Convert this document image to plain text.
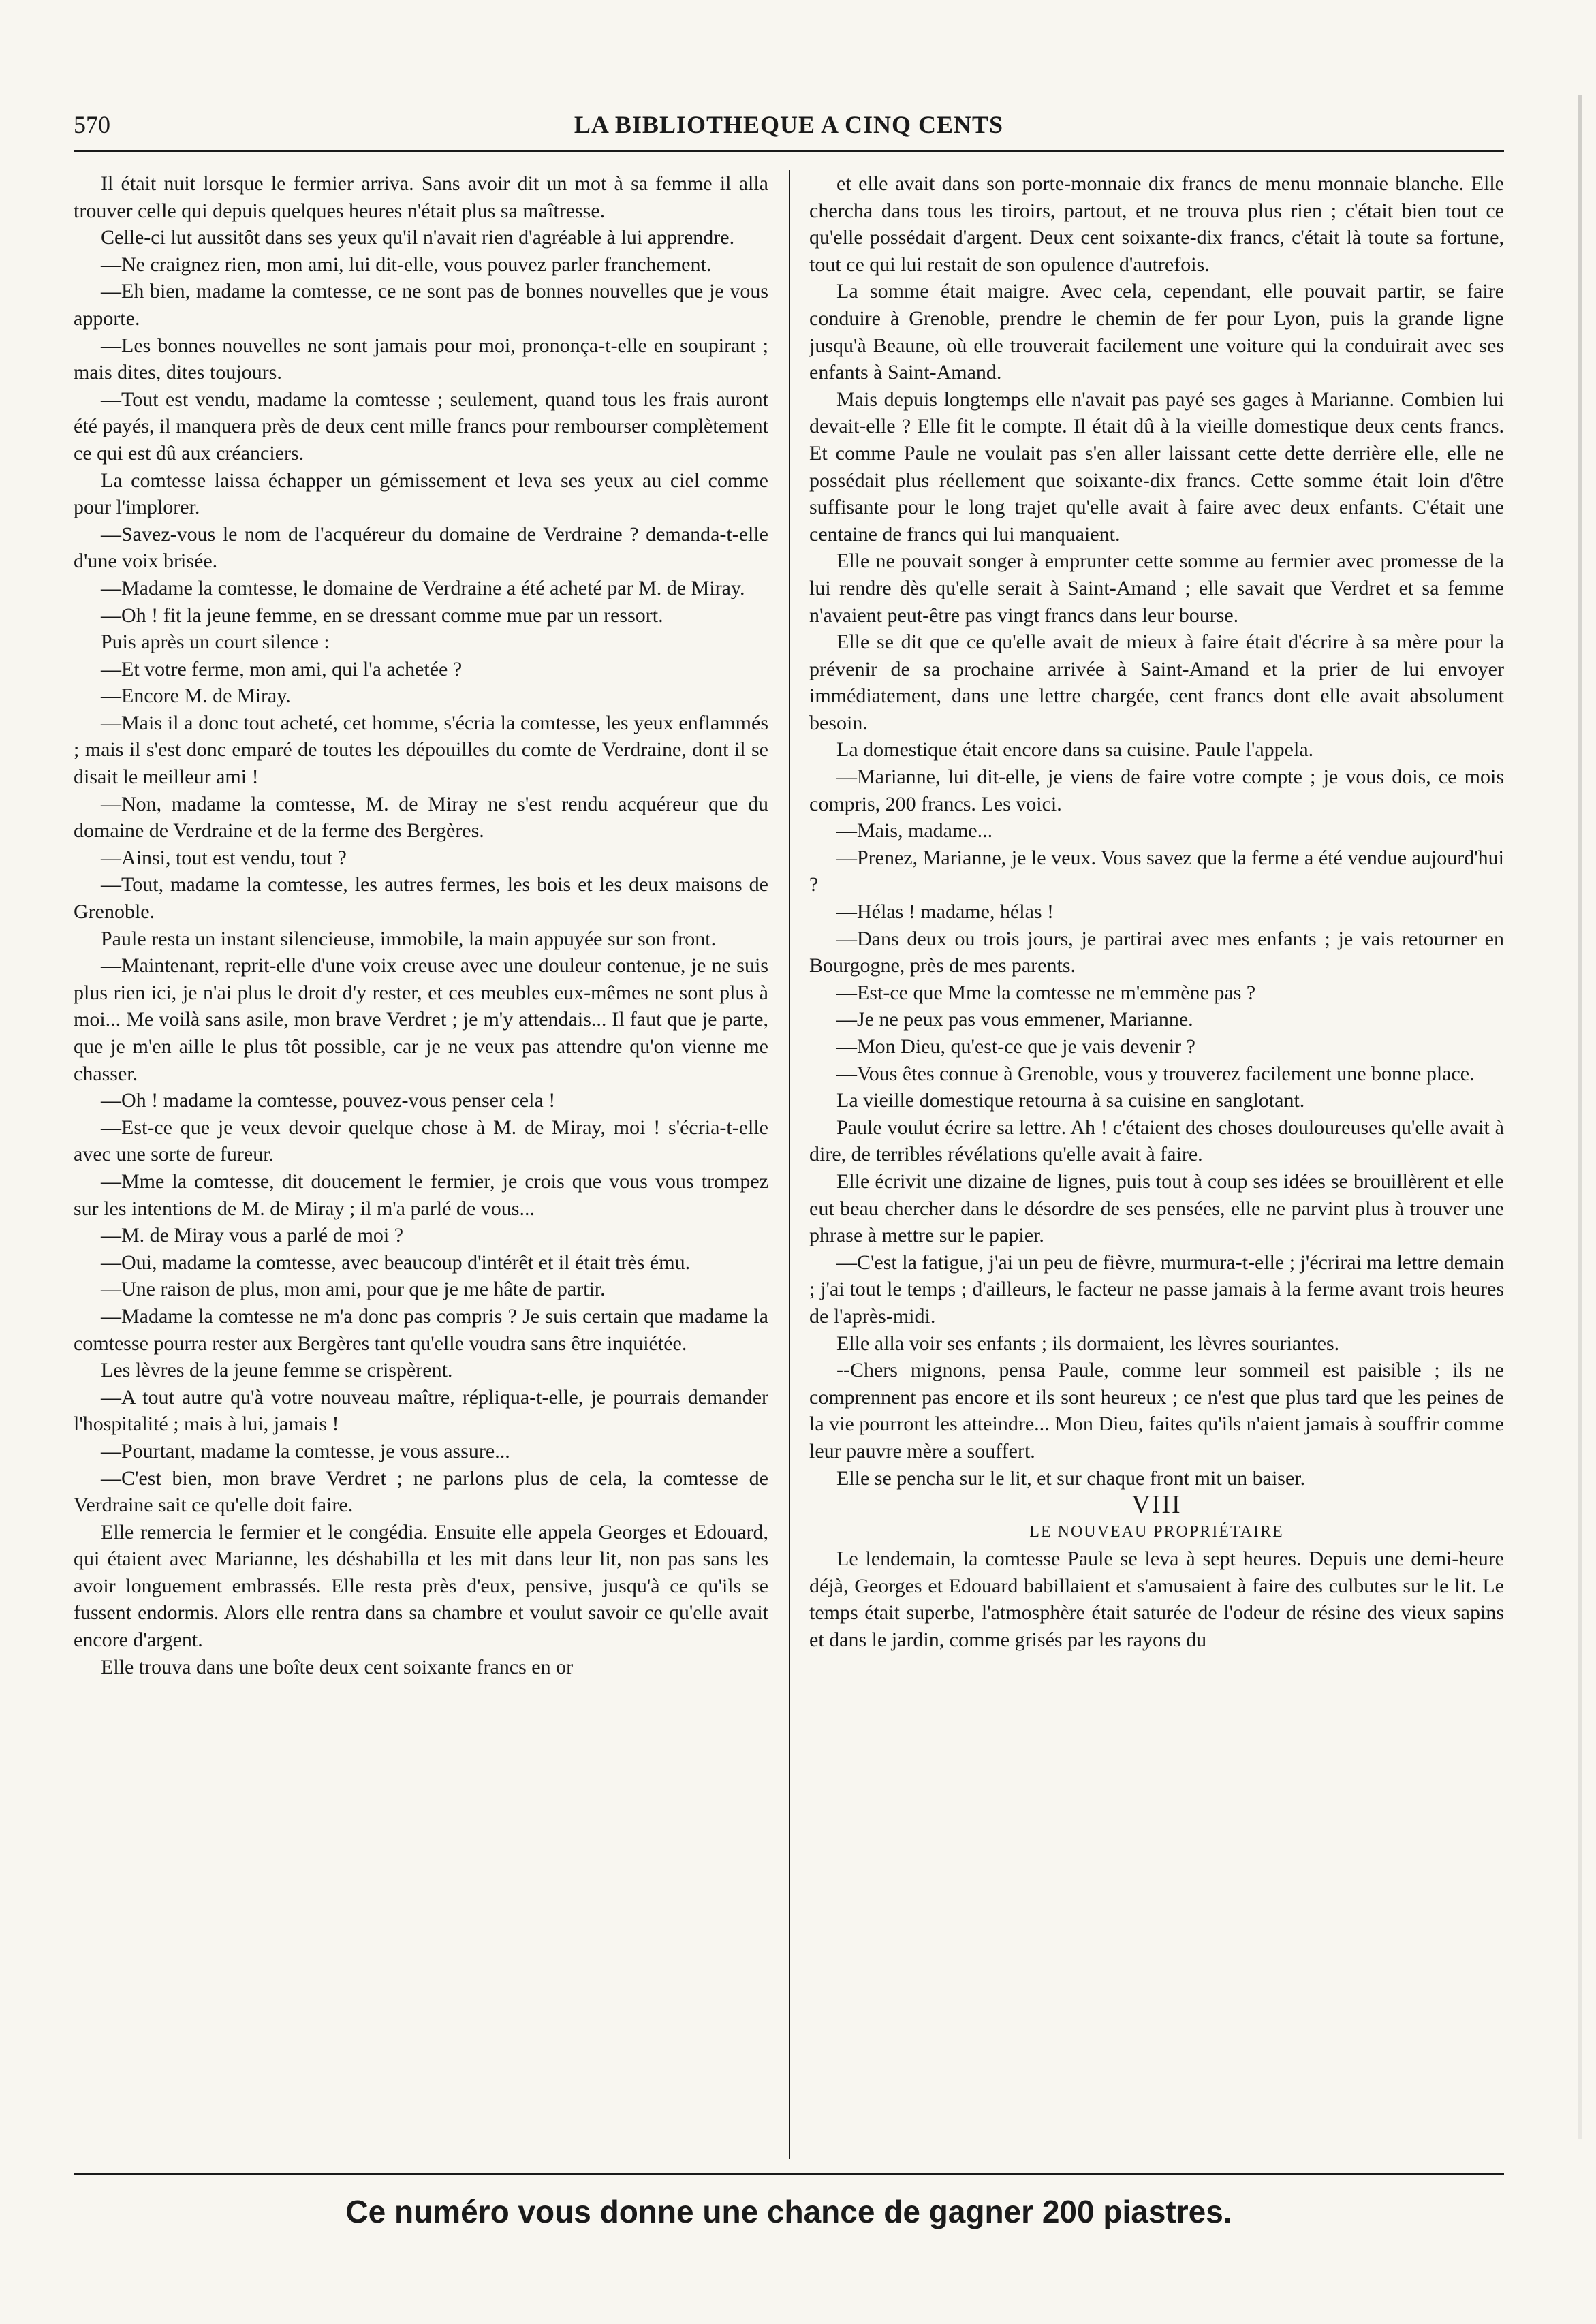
570	LA BIBLIOTHEQUE A CINQ CENTS

Il était nuit lorsque le fermier arriva. Sans avoir dit un mot à sa femme il alla trouver celle qui depuis quelques heures n'était plus sa maîtresse.

Celle-ci lut aussitôt dans ses yeux qu'il n'avait rien d'agréable à lui apprendre.

—Ne craignez rien, mon ami, lui dit-elle, vous pouvez parler franchement.

—Eh bien, madame la comtesse, ce ne sont pas de bonnes nouvelles que je vous apporte.

—Les bonnes nouvelles ne sont jamais pour moi, prononça-t-elle en soupirant ; mais dites, dites toujours.

—Tout est vendu, madame la comtesse ; seulement, quand tous les frais auront été payés, il manquera près de deux cent mille francs pour rembourser complètement ce qui est dû aux créanciers.

La comtesse laissa échapper un gémissement et leva ses yeux au ciel comme pour l'implorer.

—Savez-vous le nom de l'acquéreur du domaine de Verdraine ? demanda-t-elle d'une voix brisée.

—Madame la comtesse, le domaine de Verdraine a été acheté par M. de Miray.

—Oh ! fit la jeune femme, en se dressant comme mue par un ressort.

Puis après un court silence :

—Et votre ferme, mon ami, qui l'a achetée ?

—Encore M. de Miray.

—Mais il a donc tout acheté, cet homme, s'écria la comtesse, les yeux enflammés ; mais il s'est donc emparé de toutes les dépouilles du comte de Verdraine, dont il se disait le meilleur ami !

—Non, madame la comtesse, M. de Miray ne s'est rendu acquéreur que du domaine de Verdraine et de la ferme des Bergères.

—Ainsi, tout est vendu, tout ?

—Tout, madame la comtesse, les autres fermes, les bois et les deux maisons de Grenoble.

Paule resta un instant silencieuse, immobile, la main appuyée sur son front.

—Maintenant, reprit-elle d'une voix creuse avec une douleur contenue, je ne suis plus rien ici, je n'ai plus le droit d'y rester, et ces meubles eux-mêmes ne sont plus à moi... Me voilà sans asile, mon brave Verdret ; je m'y attendais... Il faut que je parte, que je m'en aille le plus tôt possible, car je ne veux pas attendre qu'on vienne me chasser.

—Oh ! madame la comtesse, pouvez-vous penser cela !

—Est-ce que je veux devoir quelque chose à M. de Miray, moi ! s'écria-t-elle avec une sorte de fureur.

—Mme la comtesse, dit doucement le fermier, je crois que vous vous trompez sur les intentions de M. de Miray ; il m'a parlé de vous...

—M. de Miray vous a parlé de moi ?

—Oui, madame la comtesse, avec beaucoup d'intérêt et il était très ému.

—Une raison de plus, mon ami, pour que je me hâte de partir.

—Madame la comtesse ne m'a donc pas compris ? Je suis certain que madame la comtesse pourra rester aux Bergères tant qu'elle voudra sans être inquiétée.

Les lèvres de la jeune femme se crispèrent.

—A tout autre qu'à votre nouveau maître, répliqua-t-elle, je pourrais demander l'hospitalité ; mais à lui, jamais !

—Pourtant, madame la comtesse, je vous assure...

—C'est bien, mon brave Verdret ; ne parlons plus de cela, la comtesse de Verdraine sait ce qu'elle doit faire.

Elle remercia le fermier et le congédia. Ensuite elle appela Georges et Edouard, qui étaient avec Marianne, les déshabilla et les mit dans leur lit, non pas sans les avoir longuement embrassés. Elle resta près d'eux, pensive, jusqu'à ce qu'ils se fussent endormis. Alors elle rentra dans sa chambre et voulut savoir ce qu'elle avait encore d'argent.

Elle trouva dans une boîte deux cent soixante francs en or

et elle avait dans son porte-monnaie dix francs de menu monnaie blanche. Elle chercha dans tous les tiroirs, partout, et ne trouva plus rien ; c'était bien tout ce qu'elle possédait d'argent. Deux cent soixante-dix francs, c'était là toute sa fortune, tout ce qui lui restait de son opulence d'autrefois.

La somme était maigre. Avec cela, cependant, elle pouvait partir, se faire conduire à Grenoble, prendre le chemin de fer pour Lyon, puis la grande ligne jusqu'à Beaune, où elle trouverait facilement une voiture qui la conduirait avec ses enfants à Saint-Amand.

Mais depuis longtemps elle n'avait pas payé ses gages à Marianne. Combien lui devait-elle ? Elle fit le compte. Il était dû à la vieille domestique deux cents francs. Et comme Paule ne voulait pas s'en aller laissant cette dette derrière elle, elle ne possédait plus réellement que soixante-dix francs. Cette somme était loin d'être suffisante pour le long trajet qu'elle avait à faire avec deux enfants. C'était une centaine de francs qui lui manquaient.

Elle ne pouvait songer à emprunter cette somme au fermier avec promesse de la lui rendre dès qu'elle serait à Saint-Amand ; elle savait que Verdret et sa femme n'avaient peut-être pas vingt francs dans leur bourse.

Elle se dit que ce qu'elle avait de mieux à faire était d'écrire à sa mère pour la prévenir de sa prochaine arrivée à Saint-Amand et la prier de lui envoyer immédiatement, dans une lettre chargée, cent francs dont elle avait absolument besoin.

La domestique était encore dans sa cuisine. Paule l'appela.

—Marianne, lui dit-elle, je viens de faire votre compte ; je vous dois, ce mois compris, 200 francs. Les voici.

—Mais, madame...

—Prenez, Marianne, je le veux. Vous savez que la ferme a été vendue aujourd'hui ?

—Hélas ! madame, hélas !

—Dans deux ou trois jours, je partirai avec mes enfants ; je vais retourner en Bourgogne, près de mes parents.

—Est-ce que Mme la comtesse ne m'emmène pas ?

—Je ne peux pas vous emmener, Marianne.

—Mon Dieu, qu'est-ce que je vais devenir ?

—Vous êtes connue à Grenoble, vous y trouverez facilement une bonne place.

La vieille domestique retourna à sa cuisine en sanglotant.

Paule voulut écrire sa lettre. Ah ! c'étaient des choses douloureuses qu'elle avait à dire, de terribles révélations qu'elle avait à faire.

Elle écrivit une dizaine de lignes, puis tout à coup ses idées se brouillèrent et elle eut beau chercher dans le désordre de ses pensées, elle ne parvint plus à trouver une phrase à mettre sur le papier.

—C'est la fatigue, j'ai un peu de fièvre, murmura-t-elle ; j'écrirai ma lettre demain ; j'ai tout le temps ; d'ailleurs, le facteur ne passe jamais à la ferme avant trois heures de l'après-midi.

Elle alla voir ses enfants ; ils dormaient, les lèvres souriantes.

--Chers mignons, pensa Paule, comme leur sommeil est paisible ; ils ne comprennent pas encore et ils sont heureux ; ce n'est que plus tard que les peines de la vie pourront les atteindre... Mon Dieu, faites qu'ils n'aient jamais à souffrir comme leur pauvre mère a souffert.

Elle se pencha sur le lit, et sur chaque front mit un baiser.

VIII

LE NOUVEAU PROPRIÉTAIRE

Le lendemain, la comtesse Paule se leva à sept heures. Depuis une demi-heure déjà, Georges et Edouard babillaient et s'amusaient à faire des culbutes sur le lit. Le temps était superbe, l'atmosphère était saturée de l'odeur de résine des vieux sapins et dans le jardin, comme grisés par les rayons du

Ce numéro vous donne une chance de gagner 200 piastres.
